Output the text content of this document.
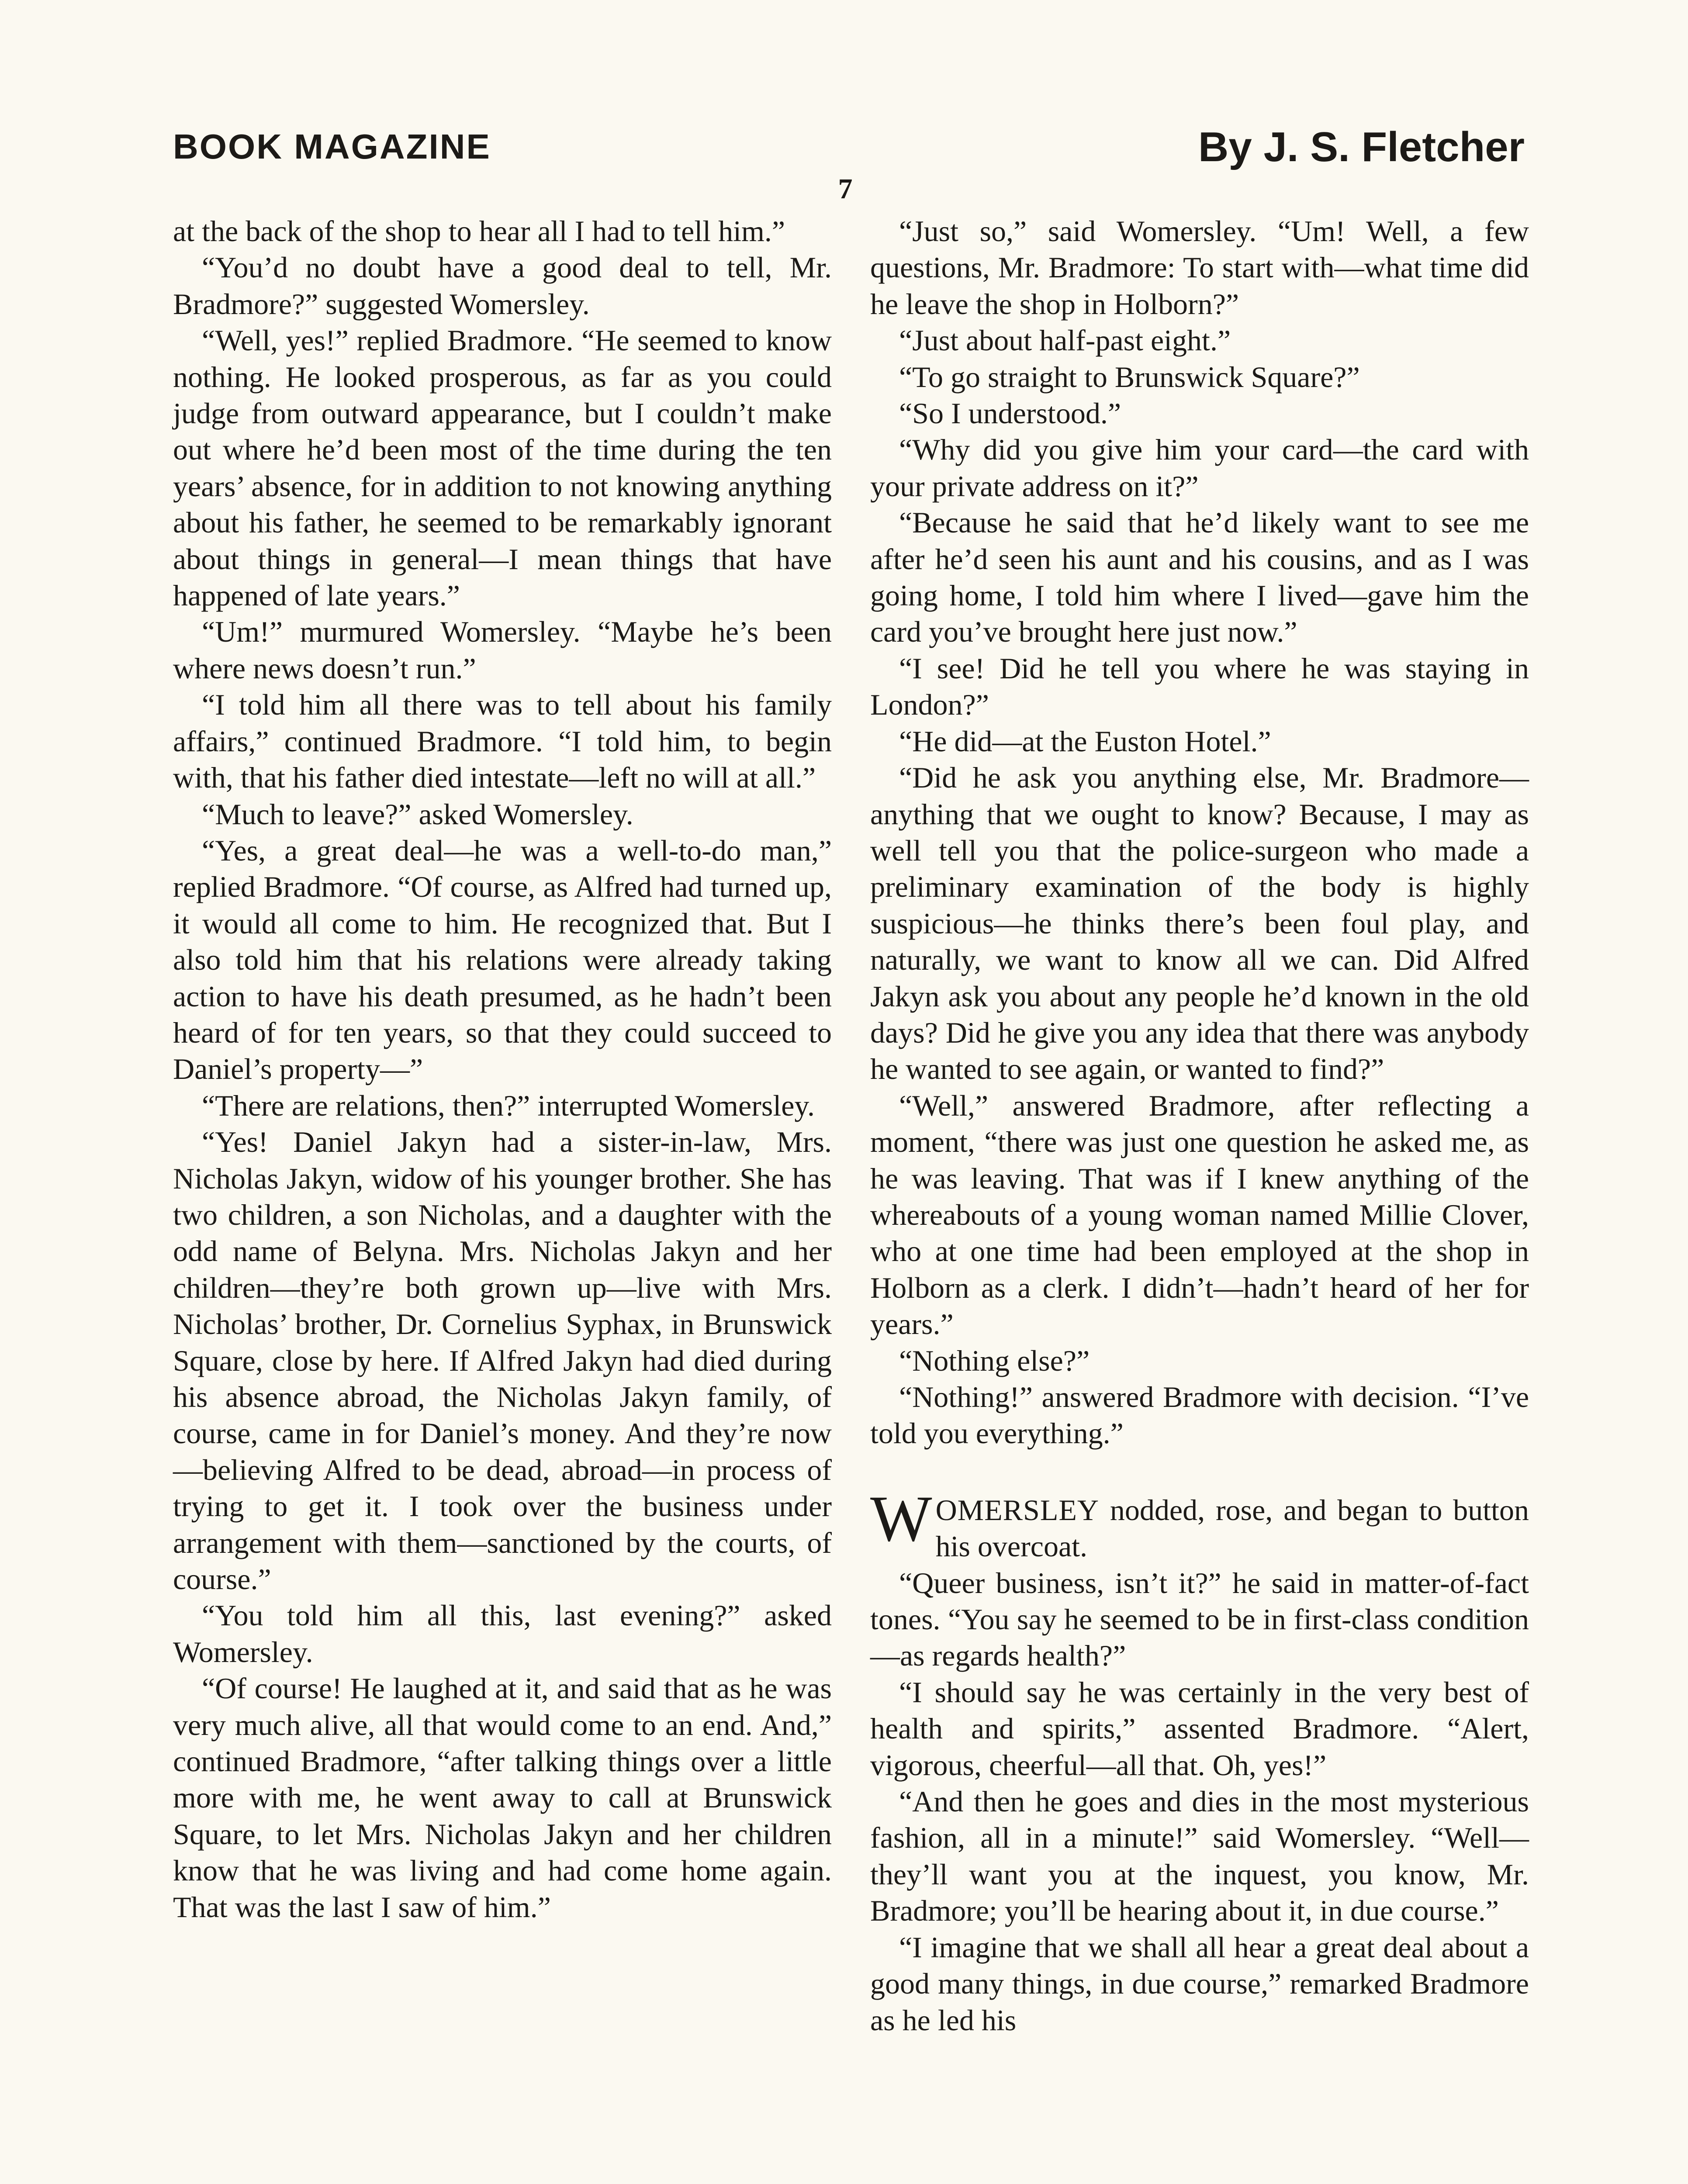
BOOK MAGAZINE	By J. S. Fletcher
7

at the back of the shop to hear all I had to tell him.”

“You’d no doubt have a good deal to tell, Mr. Bradmore?” suggested Womersley.

“Well, yes!” replied Bradmore. “He seemed to know nothing. He looked prosperous, as far as you could judge from outward appearance, but I couldn’t make out where he’d been most of the time during the ten years’ absence, for in addition to not knowing anything about his father, he seemed to be remarkably ignorant about things in general—I mean things that have happened of late years.”

“Um!” murmured Womersley. “Maybe he’s been where news doesn’t run.”

“I told him all there was to tell about his family affairs,” continued Bradmore. “I told him, to begin with, that his father died intestate—left no will at all.”

“Much to leave?” asked Womersley.

“Yes, a great deal—he was a well-to-do man,” replied Bradmore. “Of course, as Alfred had turned up, it would all come to him. He recognized that. But I also told him that his relations were already taking action to have his death presumed, as he hadn’t been heard of for ten years, so that they could succeed to Daniel’s property—”

“There are relations, then?” interrupted Womersley.

“Yes! Daniel Jakyn had a sister-in-law, Mrs. Nicholas Jakyn, widow of his younger brother. She has two children, a son Nicholas, and a daughter with the odd name of Belyna. Mrs. Nicholas Jakyn and her children—they’re both grown up—live with Mrs. Nicholas’ brother, Dr. Cornelius Syphax, in Brunswick Square, close by here. If Alfred Jakyn had died during his absence abroad, the Nicholas Jakyn family, of course, came in for Daniel’s money. And they’re now—believing Alfred to be dead, abroad—in process of trying to get it. I took over the business under arrangement with them—sanctioned by the courts, of course.”

“You told him all this, last evening?” asked Womersley.

“Of course! He laughed at it, and said that as he was very much alive, all that would come to an end. And,” continued Bradmore, “after talking things over a little more with me, he went away to call at Brunswick Square, to let Mrs. Nicholas Jakyn and her children know that he was living and had come home again. That was the last I saw of him.”

“Just so,” said Womersley. “Um! Well, a few questions, Mr. Bradmore: To start with—what time did he leave the shop in Holborn?”

“Just about half-past eight.”

“To go straight to Brunswick Square?”

“So I understood.”

“Why did you give him your card—the card with your private address on it?”

“Because he said that he’d likely want to see me after he’d seen his aunt and his cousins, and as I was going home, I told him where I lived—gave him the card you’ve brought here just now.”

“I see! Did he tell you where he was staying in London?”

“He did—at the Euston Hotel.”

“Did he ask you anything else, Mr. Bradmore—anything that we ought to know? Because, I may as well tell you that the police-surgeon who made a preliminary examination of the body is highly suspicious—he thinks there’s been foul play, and naturally, we want to know all we can. Did Alfred Jakyn ask you about any people he’d known in the old days? Did he give you any idea that there was anybody he wanted to see again, or wanted to find?”

“Well,” answered Bradmore, after reflecting a moment, “there was just one question he asked me, as he was leaving. That was if I knew anything of the whereabouts of a young woman named Millie Clover, who at one time had been employed at the shop in Holborn as a clerk. I didn’t—hadn’t heard of her for years.”

“Nothing else?”

“Nothing!” answered Bradmore with decision. “I’ve told you everything.”

WOMERSLEY nodded, rose, and began to button his overcoat.

“Queer business, isn’t it?” he said in matter-of-fact tones. “You say he seemed to be in first-class condition—as regards health?”

“I should say he was certainly in the very best of health and spirits,” assented Bradmore. “Alert, vigorous, cheerful—all that. Oh, yes!”

“And then he goes and dies in the most mysterious fashion, all in a minute!” said Womersley. “Well—they’ll want you at the inquest, you know, Mr. Bradmore; you’ll be hearing about it, in due course.”

“I imagine that we shall all hear a great deal about a good many things, in due course,” remarked Bradmore as he led his
